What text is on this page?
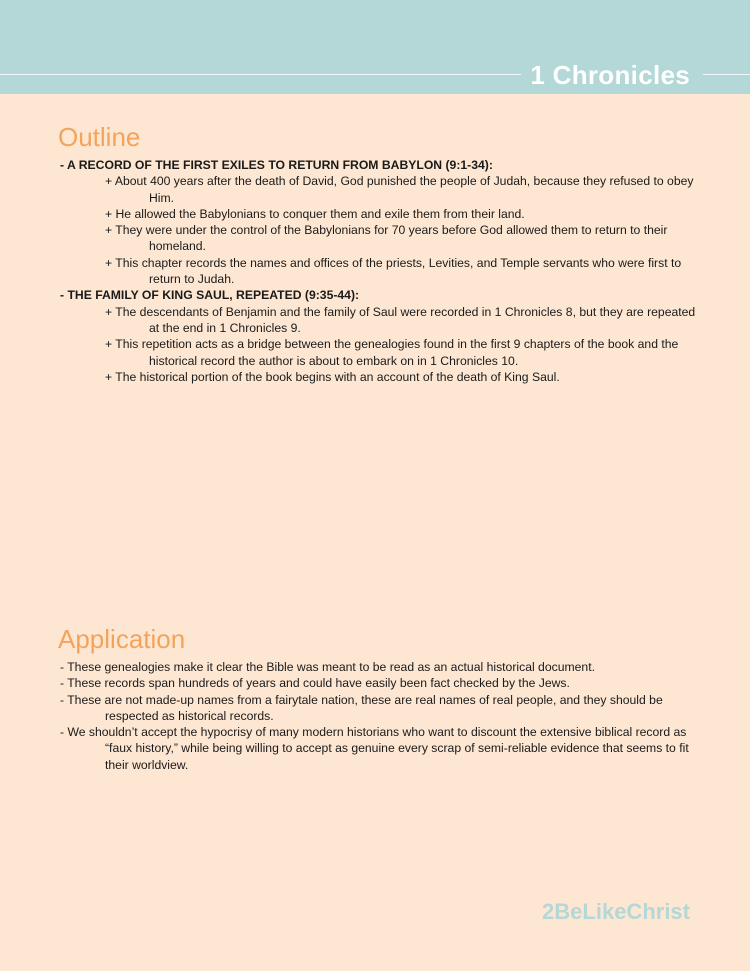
1 Chronicles
Outline
- A RECORD OF THE FIRST EXILES TO RETURN FROM BABYLON (9:1-34):
+ About 400 years after the death of David, God punished the people of Judah, because they refused to obey Him.
+ He allowed the Babylonians to conquer them and exile them from their land.
+ They were under the control of the Babylonians for 70 years before God allowed them to return to their homeland.
+ This chapter records the names and offices of the priests, Levities, and Temple servants who were first to return to Judah.
- THE FAMILY OF KING SAUL, REPEATED (9:35-44):
+ The descendants of Benjamin and the family of Saul were recorded in 1 Chronicles 8, but they are repeated at the end in 1 Chronicles 9.
+ This repetition acts as a bridge between the genealogies found in the first 9 chapters of the book and the historical record the author is about to embark on in 1 Chronicles 10.
+ The historical portion of the book begins with an account of the death of King Saul.
Application
- These genealogies make it clear the Bible was meant to be read as an actual historical document.
- These records span hundreds of years and could have easily been fact checked by the Jews.
- These are not made-up names from a fairytale nation, these are real names of real people, and they should be respected as historical records.
- We shouldn’t accept the hypocrisy of many modern historians who want to discount the extensive biblical record as “faux history,” while being willing to accept as genuine every scrap of semi-reliable evidence that seems to fit their worldview.
2BeLikeChrist
